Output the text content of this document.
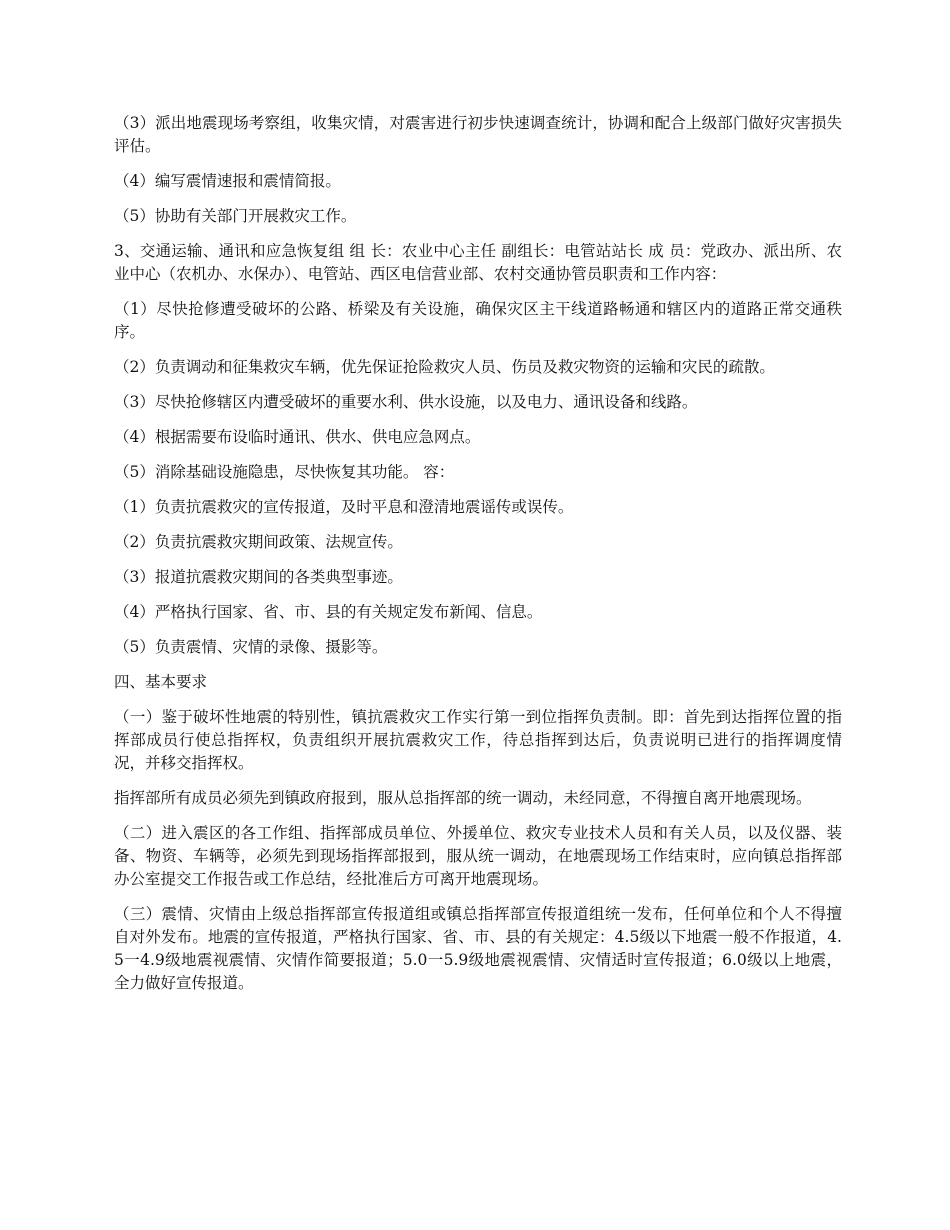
（3）派出地震现场考察组，收集灾情，对震害进行初步快速调查统计，协调和配合上级部门做好灾害损失评估。

（4）编写震情速报和震情简报。

（5）协助有关部门开展救灾工作。

3、交通运输、通讯和应急恢复组 组 长：农业中心主任 副组长：电管站站长 成 员：党政办、派出所、农业中心（农机办、水保办）、电管站、西区电信营业部、农村交通协管员职责和工作内容：

（1）尽快抢修遭受破坏的公路、桥梁及有关设施，确保灾区主干线道路畅通和辖区内的道路正常交通秩序。

（2）负责调动和征集救灾车辆，优先保证抢险救灾人员、伤员及救灾物资的运输和灾民的疏散。

（3）尽快抢修辖区内遭受破坏的重要水利、供水设施，以及电力、通讯设备和线路。

（4）根据需要布设临时通讯、供水、供电应急网点。

（5）消除基础设施隐患，尽快恢复其功能。 容：

（1）负责抗震救灾的宣传报道，及时平息和澄清地震谣传或误传。

（2）负责抗震救灾期间政策、法规宣传。

（3）报道抗震救灾期间的各类典型事迹。

（4）严格执行国家、省、市、县的有关规定发布新闻、信息。

（5）负责震情、灾情的录像、摄影等。

四、基本要求

（一）鉴于破坏性地震的特别性，镇抗震救灾工作实行第一到位指挥负责制。即：首先到达指挥位置的指挥部成员行使总指挥权，负责组织开展抗震救灾工作，待总指挥到达后，负责说明已进行的指挥调度情况，并移交指挥权。

指挥部所有成员必须先到镇政府报到，服从总指挥部的统一调动，未经同意，不得擅自离开地震现场。

（二）进入震区的各工作组、指挥部成员单位、外援单位、救灾专业技术人员和有关人员，以及仪器、装备、物资、车辆等，必须先到现场指挥部报到，服从统一调动，在地震现场工作结束时，应向镇总指挥部办公室提交工作报告或工作总结，经批准后方可离开地震现场。

（三）震情、灾情由上级总指挥部宣传报道组或镇总指挥部宣传报道组统一发布，任何单位和个人不得擅自对外发布。地震的宣传报道，严格执行国家、省、市、县的有关规定：4.5级以下地震一般不作报道，4.5一4.9级地震视震情、灾情作简要报道；5.0一5.9级地震视震情、灾情适时宣传报道；6.0级以上地震，全力做好宣传报道。
